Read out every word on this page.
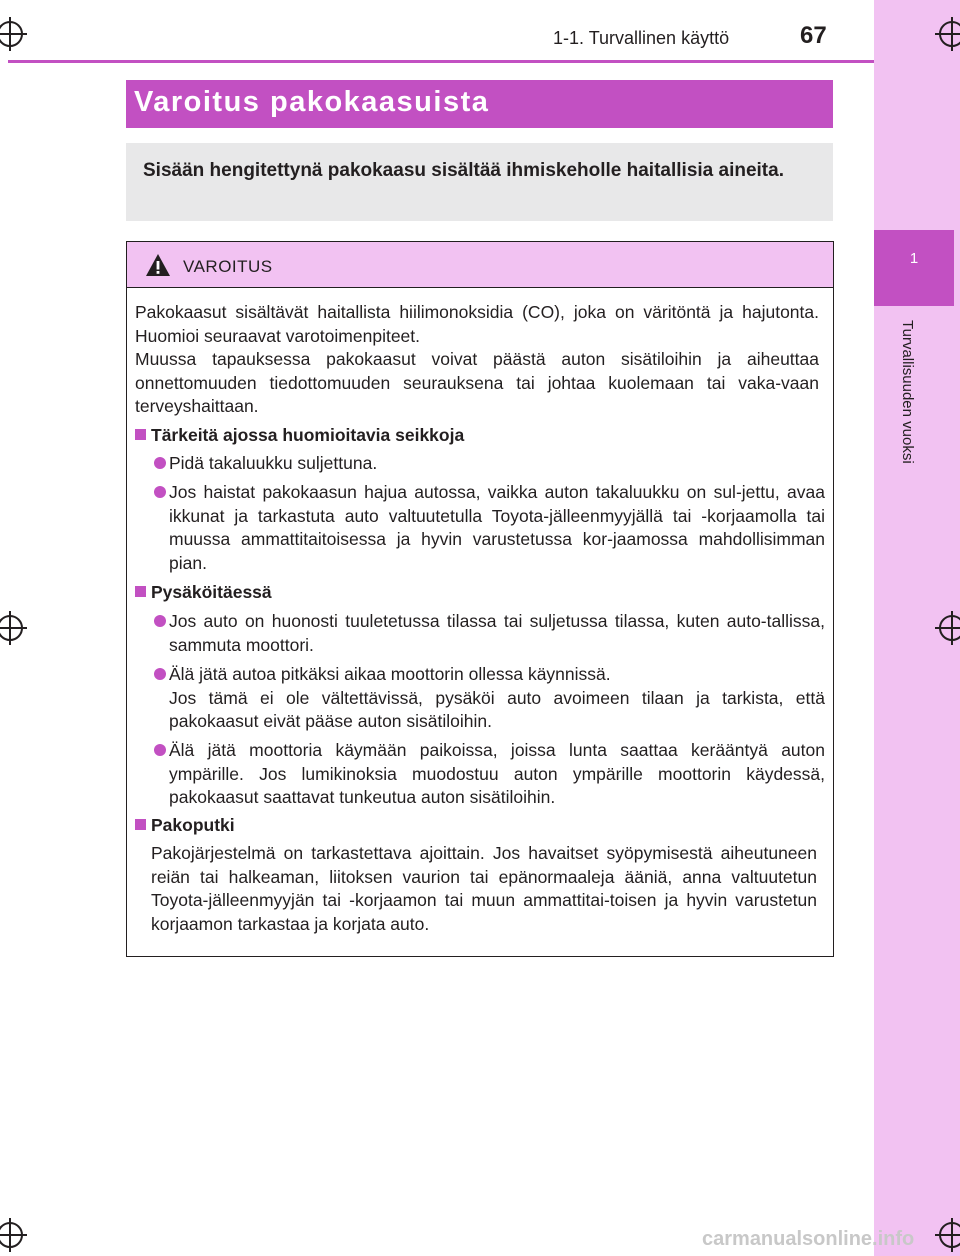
1
Turvallisuuden vuoksi
1-1. Turvallinen käyttö	67
Varoitus pakokaasuista

Sisään hengitettynä pakokaasu sisältää ihmiskeholle haitallisia aineita.

VAROITUS

Pakokaasut sisältävät haitallista hiilimonoksidia (CO), joka on väritöntä ja hajutonta. Huomioi seuraavat varotoimenpiteet.
Muussa tapauksessa pakokaasut voivat päästä auton sisätiloihin ja aiheuttaa onnettomuuden tiedottomuuden seurauksena tai johtaa kuolemaan tai vaka-vaan terveyshaittaan.

Tärkeitä ajossa huomioitavia seikkoja

Pidä takaluukku suljettuna.

Jos haistat pakokaasun hajua autossa, vaikka auton takaluukku on sul-jettu, avaa ikkunat ja tarkastuta auto valtuutetulla Toyota-jälleenmyyjällä tai -korjaamolla tai muussa ammattitaitoisessa ja hyvin varustetussa kor-jaamossa mahdollisimman pian.

Pysäköitäessä

Jos auto on huonosti tuuletetussa tilassa tai suljetussa tilassa, kuten auto-tallissa, sammuta moottori.

Älä jätä autoa pitkäksi aikaa moottorin ollessa käynnissä.
Jos tämä ei ole vältettävissä, pysäköi auto avoimeen tilaan ja tarkista, että pakokaasut eivät pääse auton sisätiloihin.

Älä jätä moottoria käymään paikoissa, joissa lunta saattaa kerääntyä auton ympärille. Jos lumikinoksia muodostuu auton ympärille moottorin käydessä, pakokaasut saattavat tunkeutua auton sisätiloihin.

Pakoputki

Pakojärjestelmä on tarkastettava ajoittain. Jos havaitset syöpymisestä aiheutuneen reiän tai halkeaman, liitoksen vaurion tai epänormaaleja ääniä, anna valtuutetun Toyota-jälleenmyyjän tai -korjaamon tai muun ammattitai-toisen ja hyvin varustetun korjaamon tarkastaa ja korjata auto.

carmanualsonline.info
